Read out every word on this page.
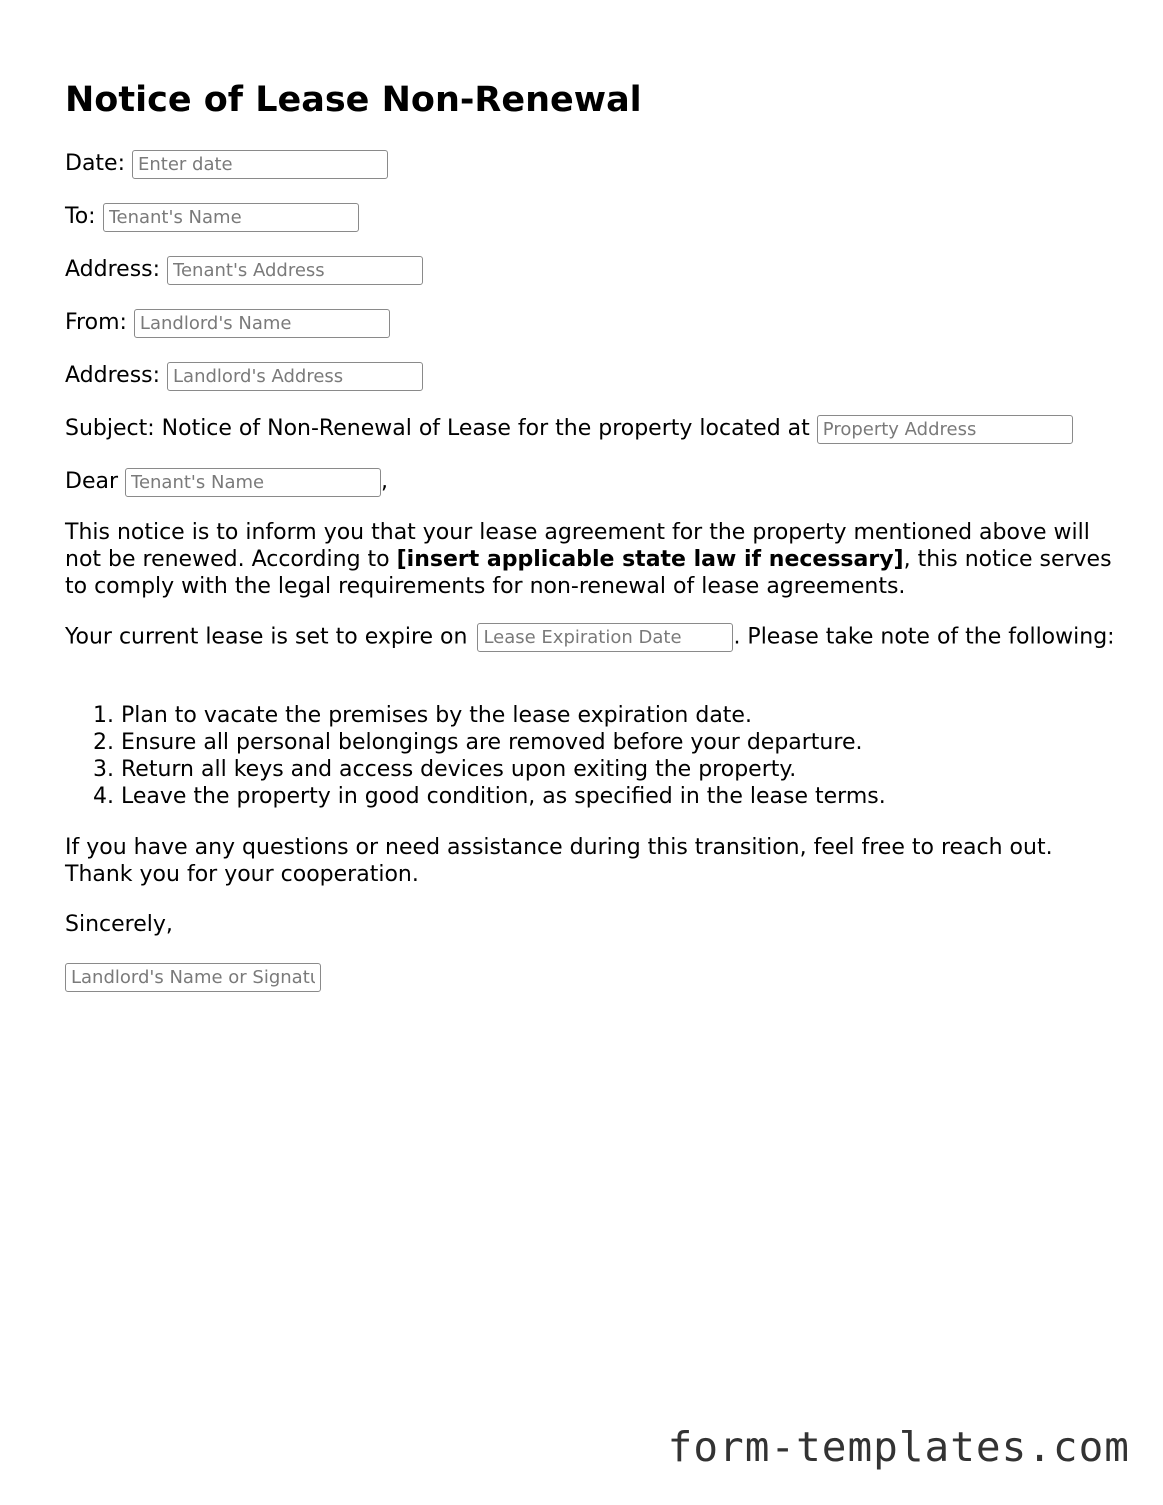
Notice of Lease Non-Renewal
Date:
Enter date
To:
Tenant's Name
Address:
Tenant's Address
From:
Landlord's Name
Address:
Landlord's Address
Subject: Notice of Non-Renewal of Lease for the property located at
Property Address
Dear
Tenant's Name	,

This notice is to inform you that your lease agreement for the property mentioned above will not be renewed. According to [insert applicable state law if necessary], this notice serves to comply with the legal requirements for non-renewal of lease agreements.

Your current lease is set to expire on Lease Expiration Date	. Please take note of the following:
1. Plan to vacate the premises by the lease expiration date.
2. Ensure all personal belongings are removed before your departure.
3. Return all keys and access devices upon exiting the property.
4. Leave the property in good condition, as specified in the lease terms.

If you have any questions or need assistance during this transition, feel free to reach out. Thank you for your cooperation.

Sincerely,

Landlord's Name or Signature
form-templates.com
